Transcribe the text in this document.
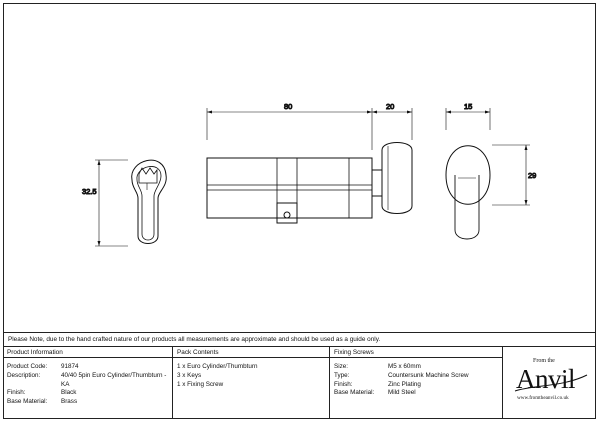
80	20	15
29
32.5
Please Note, due to the hand crafted nature of our products all measurements are approximate and should be used as a guide only.
Product Information
Product Code:	91874
Description:	40/40 5pin Euro Cylinder/Thumbturn - KA
Finish:	Black
Base Material:	Brass
Pack Contents
1 x Euro Cylinder/Thumbturn
3 x Keys
1 x Fixing Screw
Fixing Screws
Size:	M5 x 60mm
Type:	Countersunk Machine Screw
Finish:	Zinc Plating
Base Material:	Mild Steel
From the
Anvil
www.fromtheanvil.co.uk
